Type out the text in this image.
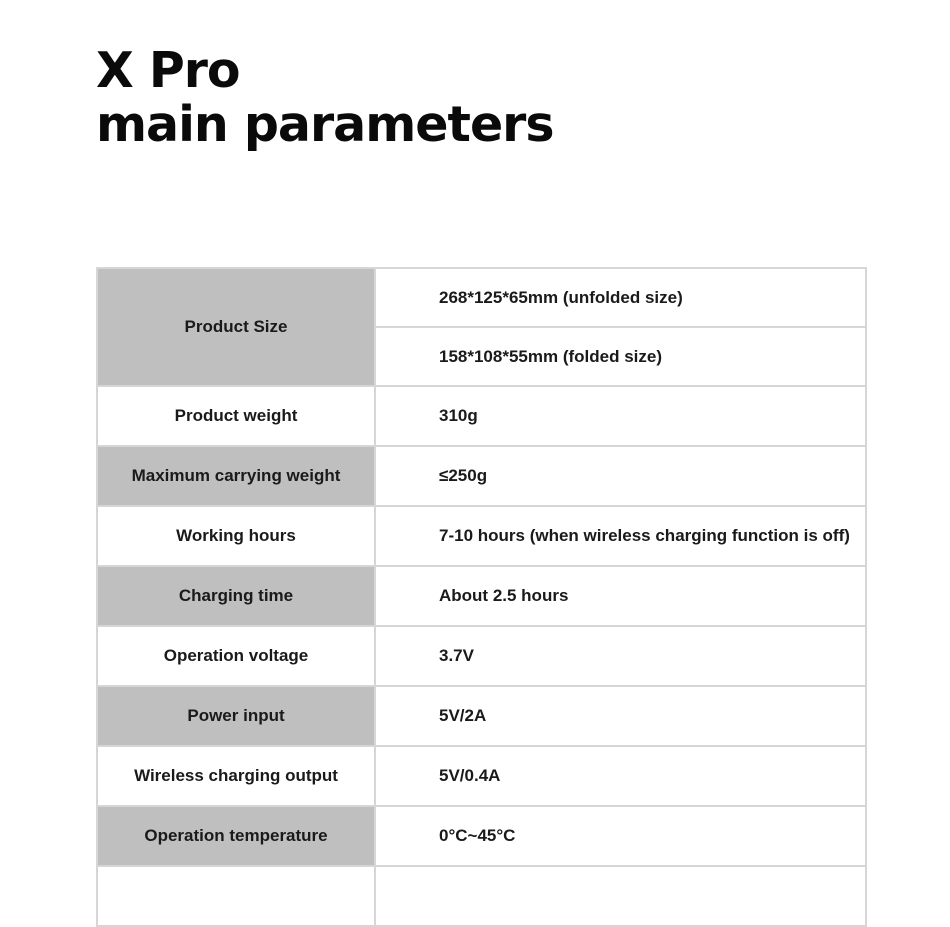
X Pro
main parameters
Product Size	268*125*65mm (unfolded size)
	158*108*55mm (folded size)
Product weight	310g
Maximum carrying weight	≤250g
Working hours	7-10 hours (when wireless charging function is off)
Charging time	About 2.5 hours
Operation voltage	3.7V
Power input	5V/2A
Wireless charging output	5V/0.4A
Operation temperature	0°C~45°C
